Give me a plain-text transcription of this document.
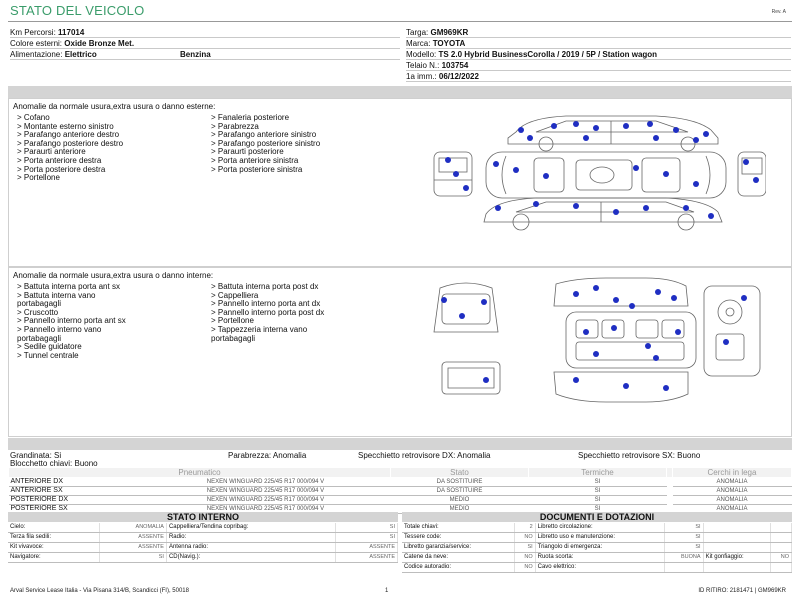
STATO DEL VEICOLO	Rev. A
Km Percorsi: 117014
Colore esterni: Oxide Bronze Met.
Alimentazione: Elettrico	Benzina
Targa: GM969KR
Marca: TOYOTA
Modello: TS 2.0 Hybrid BusinessCorolla / 2019 / 5P / Station wagon
Telaio N.: 103754
1a imm.: 06/12/2022
Anomalie da normale usura,extra usura o danno esterne:
> Cofano
> Montante esterno sinistro
> Parafango anteriore destro
> Parafango posteriore destro
> Paraurti anteriore
> Porta anteriore destra
> Porta posteriore destra
> Portellone
> Fanaleria posteriore
> Parabrezza
> Parafango anteriore sinistro
> Parafango posteriore sinistro
> Paraurti posteriore
> Porta anteriore sinistra
> Porta posteriore sinistra
Anomalie da normale usura,extra usura o danno interne:
> Battuta interna porta ant sx
> Battuta interna vano
portabagagli
> Cruscotto
> Pannello interno porta ant sx
> Pannello interno vano
portabagagli
> Sedile guidatore
> Tunnel centrale
> Battuta interna porta post dx
> Cappelliera
> Pannello interno porta ant dx
> Pannello interno porta post dx
> Portellone
> Tappezzeria interna vano
portabagagli
Grandinata: Si	Parabrezza: Anomalia	Specchietto retrovisore DX: Anomalia	Specchietto retrovisore SX: Buono
Blocchetto chiavi: Buono
Pneumatico		Stato	Termiche		Cerchi in lega
ANTERIORE DX	NEXEN WINGUARD 225/45 R17 000/094 V	DA SOSTITUIRE	SI		ANOMALIA
ANTERIORE SX	NEXEN WINGUARD 225/45 R17 000/094 V	DA SOSTITUIRE	SI		ANOMALIA
POSTERIORE DX	NEXEN WINGUARD 225/45 R17 000/094 V	MEDIO	SI		ANOMALIA
POSTERIORE SX	NEXEN WINGUARD 225/45 R17 000/094 V	MEDIO	SI		ANOMALIA
STATO INTERNO
Cielo:	ANOMALIA	Cappelliera/Tendina copribag:	SI
Terza fila sedili:	ASSENTE	Radio:	SI
Kit vivavoce:	ASSENTE	Antenna radio:	ASSENTE
Navigatore:	SI	CD(Navig.):	ASSENTE
DOCUMENTI E DOTAZIONI
Totale chiavi:	2	Libretto circolazione:	SI		
Tessere code:	NO	Libretto uso e manutenzione:	SI		
Libretto garanzia/service:	SI	Triangolo di emergenza:	SI		
Catene da neve:	NO	Ruota scorta:	BUONA	Kit gonfiaggio:	NO
Codice autoradio:	NO	Cavo elettrico:			
Arval Service Lease Italia - Via Pisana 314/B, Scandicci (FI), 50018	1	ID RITIRO: 2181471 | GM969KR
